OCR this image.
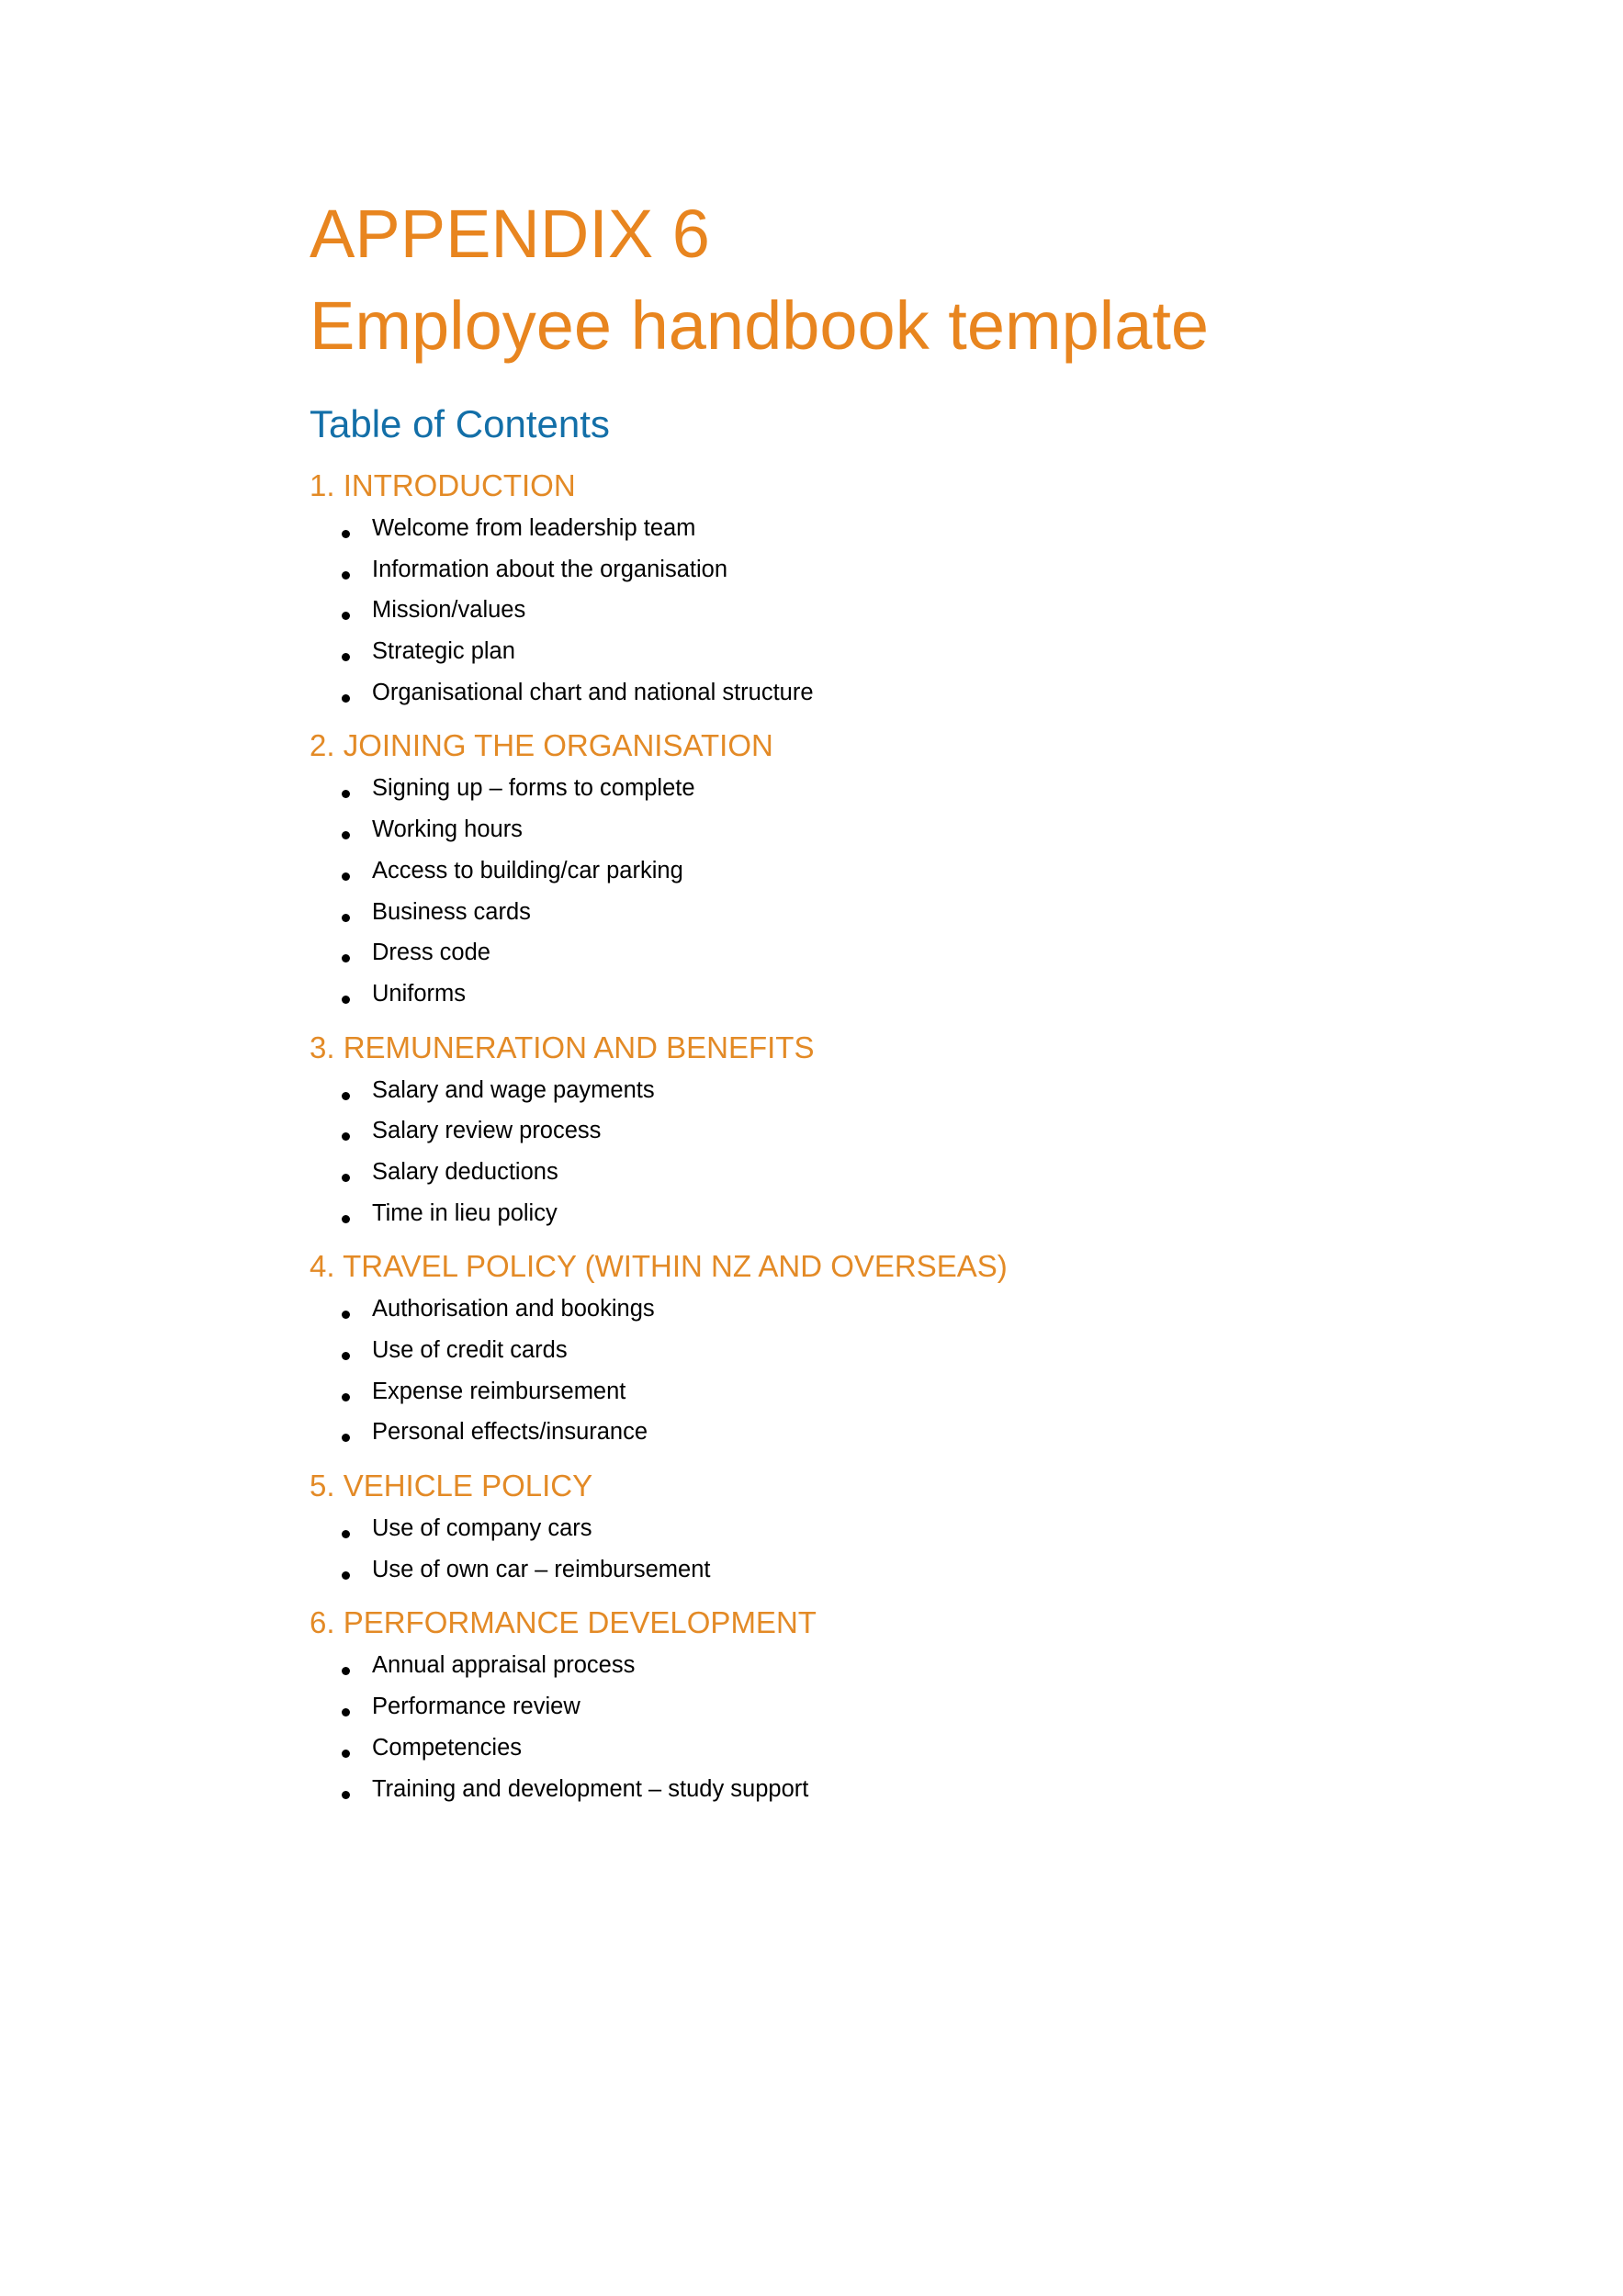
APPENDIX 6
Employee handbook template
Table of Contents
1. INTRODUCTION
Welcome from leadership team
Information about the organisation
Mission/values
Strategic plan
Organisational chart and national structure
2. JOINING THE ORGANISATION
Signing up – forms to complete
Working hours
Access to building/car parking
Business cards
Dress code
Uniforms
3. REMUNERATION AND BENEFITS
Salary and wage payments
Salary review process
Salary deductions
Time in lieu policy
4. TRAVEL POLICY (WITHIN NZ AND OVERSEAS)
Authorisation and bookings
Use of credit cards
Expense reimbursement
Personal effects/insurance
5. VEHICLE POLICY
Use of company cars
Use of own car – reimbursement
6. PERFORMANCE DEVELOPMENT
Annual appraisal process
Performance review
Competencies
Training and development – study support
